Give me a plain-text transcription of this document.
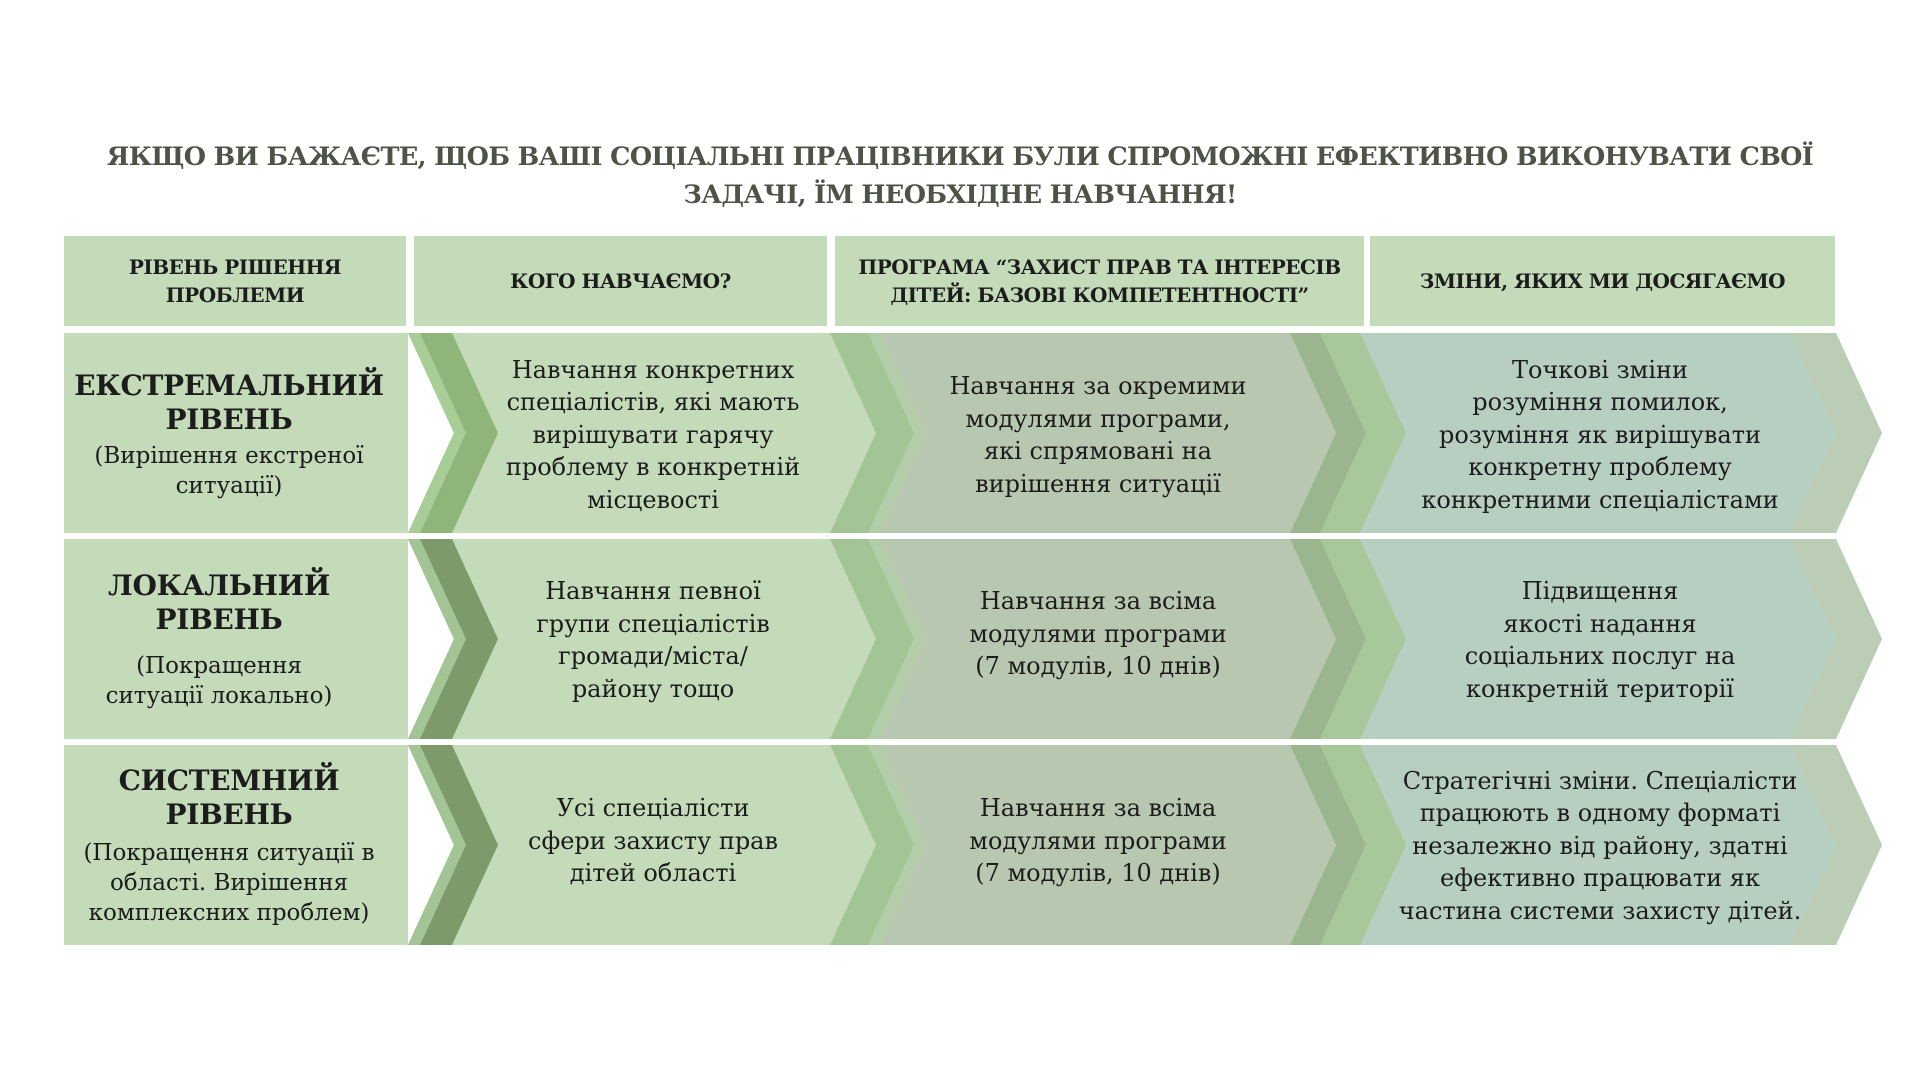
ЯКЩО ВИ БАЖАЄТЕ, ЩОБ ВАШІ СОЦІАЛЬНІ ПРАЦІВНИКИ БУЛИ СПРОМОЖНІ ЕФЕКТИВНО ВИКОНУВАТИ СВОЇ
ЗАДАЧІ, ЇМ НЕОБХІДНЕ НАВЧАННЯ!
РІВЕНЬ РІШЕННЯ ПРОБЛЕМИ
КОГО НАВЧАЄМО?
ПРОГРАМА “ЗАХИСТ ПРАВ ТА ІНТЕРЕСІВ ДІТЕЙ: БАЗОВІ КОМПЕТЕНТНОСТІ”
ЗМІНИ, ЯКИХ МИ ДОСЯГАЄМО
ЕКСТРЕМАЛЬНИЙ
РІВЕНЬ
(Вирішення екстреної
ситуації)
Навчання конкретних
спеціалістів, які мають
вирішувати гарячу
проблему в конкретній
місцевості
Навчання за окремими
модулями програми,
які спрямовані на
вирішення ситуації
Точкові зміни
розуміння помилок,
розуміння як вирішувати
конкретну проблему
конкретними спеціалістами
ЛОКАЛЬНИЙ
РІВЕНЬ
(Покращення
ситуації локально)
Навчання певної
групи спеціалістів
громади/міста/
району тощо
Навчання за всіма
модулями програми
(7 модулів, 10 днів)
Підвищення
якості надання
соціальних послуг на
конкретній території
СИСТЕМНИЙ
РІВЕНЬ
(Покращення ситуації в
області. Вирішення
комплексних проблем)
Усі спеціалісти
сфери захисту прав
дітей області
Навчання за всіма
модулями програми
(7 модулів, 10 днів)
Стратегічні зміни. Спеціалісти
працюють в одному форматі
незалежно від району, здатні
ефективно працювати як
частина системи захисту дітей.
